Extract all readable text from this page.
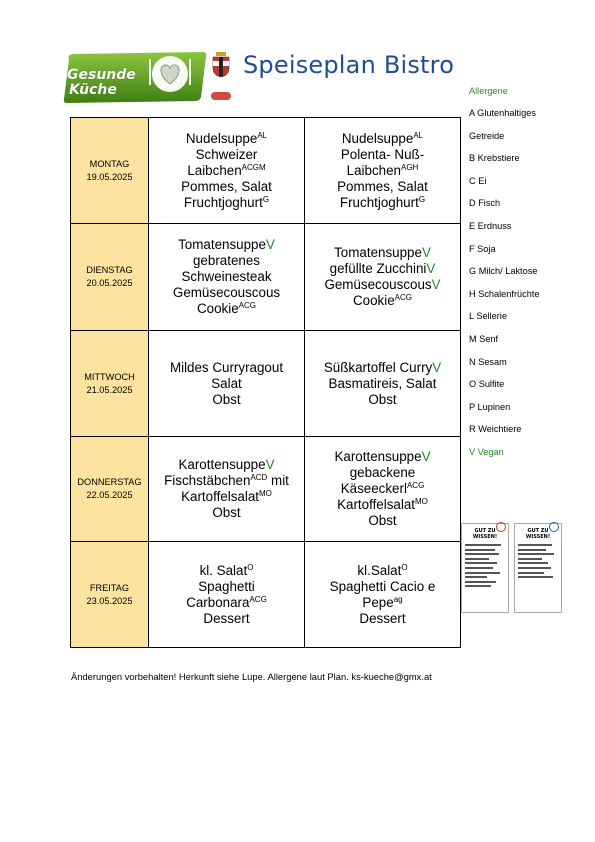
Gesunde
Küche
Speiseplan Bistro
Allergene
A Glutenhaltiges
Getreide
B Krebstiere
C Ei
D Fisch
E Erdnuss
F Soja
G Milch/ Laktose
H Schalenfrüchte
L Sellerie
M Senf
N Sesam
O Sulfite
P Lupinen
R Weichtiere
V Vegan
MONTAG
19.05.2025	Nudelsuppe$^{AL}$
Schweizer
Laibchen$^{ACGM}$
Pommes, Salat
Fruchtjoghurt$^G$	Nudelsuppe$^{AL}$
Polenta- Nuß-
Laibchen$^{AGH}$
Pommes, Salat
Fruchtjoghurt$^G$

DIENSTAG
20.05.2025	TomatensuppeV
gebratenes
Schweinesteak
Gemüsecouscous
Cookie$^{ACG}$	TomatensuppeV
gefüllte ZucchiniV
GemüsecouscousV
Cookie$^{ACG}$

MITTWOCH
21.05.2025	Mildes Curryragout
Salat
Obst	Süßkartoffel CurryV
Basmatireis, Salat
Obst

DONNERSTAG
22.05.2025	KarottensuppeV
Fischstäbchen$^{ACD}$ mit
Kartoffelsalat$^{MO}$
Obst	KarottensuppeV
gebackene
Käseeckerl$^{ACG}$
Kartoffelsalat$^{MO}$
Obst

FREITAG
23.05.2025	kl. Salat$^O$
Spaghetti
Carbonara$^{ACG}$
Dessert	kl.Salat$^O$
Spaghetti Cacio e
Pepe$^{ag}$
Dessert
GUT ZU
WISSEN!
GUT ZU
WISSEN!
Änderungen vorbehalten! Herkunft siehe Lupe. Allergene laut Plan. ks-kueche@gmx.at
